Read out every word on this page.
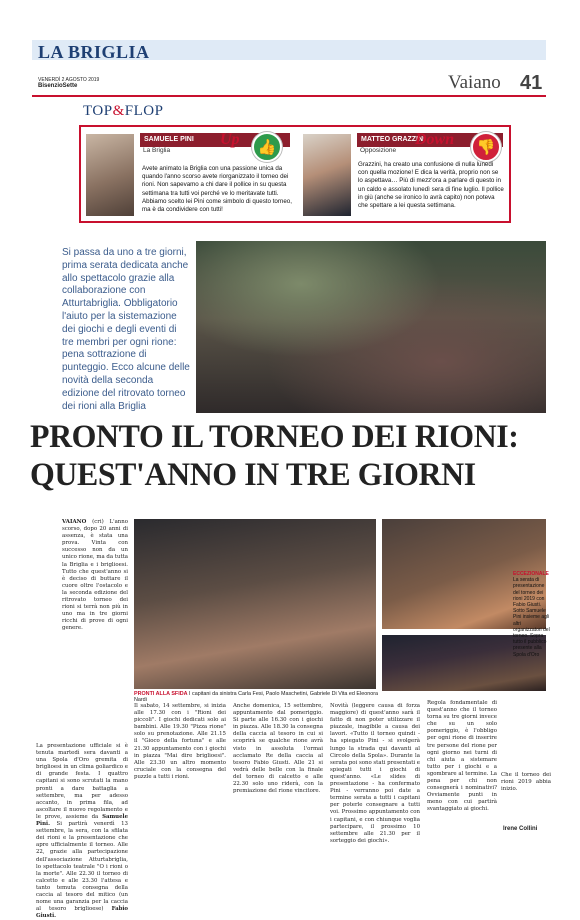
LA BRIGLIA
VENERDÌ 2 AGOSTO 2019
BisenzioSette	Vaiano 41
TOP&FLOP
SAMUELE PINI
La Briglia
Up	👍
Avete animato la Briglia con una passione unica da quando l'anno scorso avete riorganizzato il torneo dei rioni. Non sapevamo a chi dare il pollice in su questa settimana tra tutti voi perché ve lo meritavate tutti. Abbiamo scelto lei Pini come simbolo di questo torneo, ma è da condividere con tutti!
MATTEO GRAZZINI
Opposizione
Down	👎
Grazzini, ha creato una confusione di nulla lunedì con quella mozione! E dica la verità, proprio non se lo aspettava… Più di mezz'ora a parlare di questo in un caldo e assolato lunedì sera di fine luglio. Il pollice in giù (anche se ironico lo avrà capito) non poteva che spettare a lei questa settimana.
Si passa da uno a tre giorni, prima serata dedicata anche allo spettacolo grazie alla collaborazione con Atturtabriglia. Obbligatorio l'aiuto per la sistemazione dei giochi e degli eventi di tre membri per ogni rione: pena sottrazione di punteggio. Ecco alcune delle novità della seconda edizione del ritrovato torneo dei rioni alla Briglia
PRONTO IL TORNEO DEI RIONI:
QUEST'ANNO IN TRE GIORNI
PRONTI ALLA SFIDA I capitani da sinistra Carla Fesi, Paolo Maschetini, Gabriele Di Vita ed Eleonora Nardi
ECCEZIONALE La serata di presentazione del torneo dei rioni 2019 con Fabio Giusti. Sotto Samuele Pini insieme agli altri organizzatori del torneo. Sopra tutto il pubblico presente alla Spola d'Oro
VAIANO (cri) L'anno scorso, dopo 20 anni di assenza, è stata una prova. Vinta con successo non da un unico rione, ma da tutta la Briglia e i briglioesi. Tutto che quest'anno si è deciso di buttare il cuore oltre l'ostacolo e la seconda edizione del ritrovato torneo dei rioni si terrà non più in uno ma in tre giorni ricchi di prove di ogni genere.
La presentazione ufficiale si è tenuta martedì sera davanti a una Spola d'Oro gremita di briglioesi in un clima goliardico e di grande festa. I quattro capitani si sono scrutati la mano pronti a dare battaglia a settembre, ma per adesso accanto, in prima fila, ad ascoltare il nuovo regolamento e le prove, assieme da Samuele Pini. Si partirà venerdì 13 settembre, la sera, con la sfilata dei rioni e la presentazione che apre ufficialmente il torneo. Alle 22, grazie alla partecipazione dell'associazione Atturtabriglia, lo spettacolo teatrale "O i rioni o la morte". Alle 22.30 il torneo di calcetto e alle 23.30 l'attesa e tanto temuta consegna della caccia al tesoro del mitico (un nome una garanzia per la caccia al tesoro briglioese) Fabio Giusti.
Il sabato, 14 settembre, si inizia alle 17.30 con i "Rioni dei piccoli". I giochi dedicati solo ai bambini. Alle 19.30 "Pizza rione" solo su prenotazione. Alle 21.15 il "Gioco della fortuna" e alle 21.30 appuntamento con i giochi in piazza "Mai dire briglioesi". Alle 23.30 un altro momento cruciale con la consegna del puzzle a tutti i rioni.
Anche domenica, 15 settembre, appuntamento dal pomeriggio. Si parte alle 16.30 con i giochi in piazza. Alle 18.30 la consegna della caccia al tesoro in cui si scoprirà se qualche rione avrà visto in assoluta l'ormai acclamato Re della caccia al tesoro Fabio Giusti. Alle 21 si vedrà delle belle con la finale del torneo di calcetto e alle 22.30 solo uno riderà, con la premiazione del rione vincitore.
Novità (leggere causa di forza maggiore) di quest'anno sarà il fatto di non poter utilizzare il piazzale, inagibile a causa dei lavori. «Tutto il torneo quindi - ha spiegato Pini - si svolgerà lungo la strada qui davanti al Circolo della Spola». Durante la serata poi sono stati presentati e spiegati tutti i giochi di quest'anno. «Le slides di presentazione - ha confermato Pini - verranno poi date a termine serata a tutti i capitani per poterle consegnare a tutti voi. Prossimo appuntamento con i capitani, e con chiunque voglia partecipare, il prossimo 10 settembre alle 21.30 per il sorteggio dei giochi».
Regola fondamentale di quest'anno che il torneo torna su tre giorni invece che su un solo pomeriggio, è l'obbligo per ogni rione di inserire tre persone del rione per ogni giorno nei turni di chi aiuta a sistemare tutto per i giochi e a sgombrare al termine. La pena per chi non consegnerà i nominativi? Ovviamente punti in meno con cui partirà svantaggiato ai giochi.
Che il torneo dei rioni 2019 abbia inizio.
Irene Collini
